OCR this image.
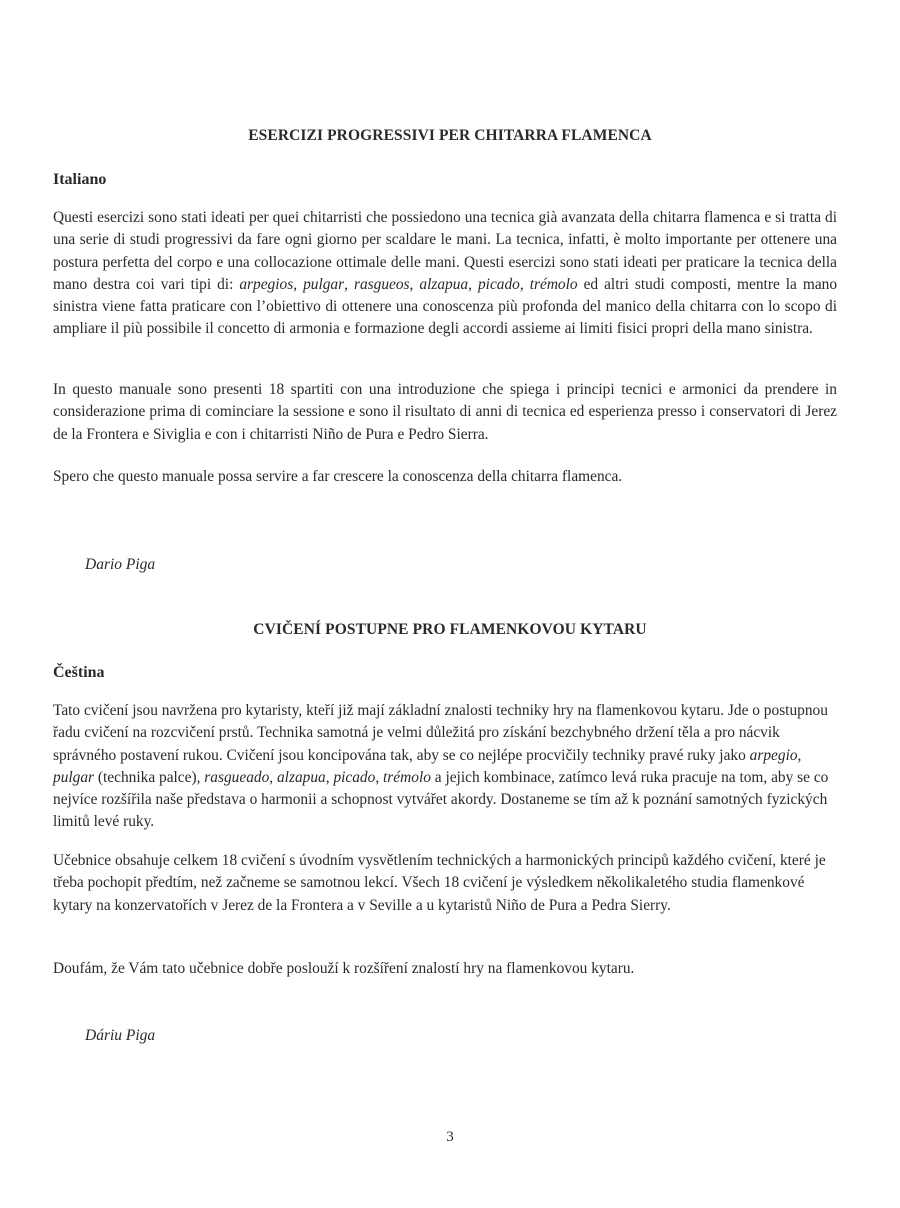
ESERCIZI PROGRESSIVI PER CHITARRA FLAMENCA
Italiano

Questi esercizi sono stati ideati per quei chitarristi che possiedono una tecnica già avanzata della chitarra flamenca e si tratta di una serie di studi progressivi da fare ogni giorno per scaldare le mani. La tecnica, infatti, è molto importante per ottenere una postura perfetta del corpo e una collocazione ottimale delle mani. Questi esercizi sono stati ideati per praticare la tecnica della mano destra coi vari tipi di: arpegios, pulgar, rasgueos, alzapua, picado, trémolo ed altri studi composti, mentre la mano sinistra viene fatta praticare con l’obiettivo di ottenere una conoscenza più profonda del manico della chitarra con lo scopo di ampliare il più possibile il concetto di armonia e formazione degli accordi assieme ai limiti fisici propri della mano sinistra.

In questo manuale sono presenti 18 spartiti con una introduzione che spiega i principi tecnici e armonici da prendere in considerazione prima di cominciare la sessione e sono il risultato di anni di tecnica ed esperienza presso i conservatori di Jerez de la Frontera e Siviglia e con i chitarristi Niño de Pura e Pedro Sierra.

Spero che questo manuale possa servire a far crescere la conoscenza della chitarra flamenca.

Dario Piga

CVIČENÍ POSTUPNE PRO FLAMENKOVOU KYTARU
Čeština

Tato cvičení jsou navržena pro kytaristy, kteří již mají základní znalosti techniky hry na flamenkovou kytaru. Jde o postupnou řadu cvičení na rozcvičení prstů. Technika samotná je velmi důležitá pro získání bezchybného držení těla a pro nácvik správného postavení rukou. Cvičení jsou koncipována tak, aby se co nejlépe procvičily techniky pravé ruky jako arpegio, pulgar (technika palce), rasgueado, alzapua, picado, trémolo a jejich kombinace, zatímco levá ruka pracuje na tom, aby se co nejvíce rozšířila naše představa o harmonii a schopnost vytvářet akordy. Dostaneme se tím až k poznání samotných fyzických limitů levé ruky.

Učebnice obsahuje celkem 18 cvičení s úvodním vysvětlením technických a harmonických principů každého cvičení, které je třeba pochopit předtím, než začneme se samotnou lekcí. Všech 18 cvičení je výsledkem několikaletého studia flamenkové kytary na konzervatořích v Jerez de la Frontera a v Seville a u kytaristů Niño de Pura a Pedra Sierry.

Doufám, že Vám tato učebnice dobře poslouží k rozšíření znalostí hry na flamenkovou kytaru.

Dáriu Piga

3
